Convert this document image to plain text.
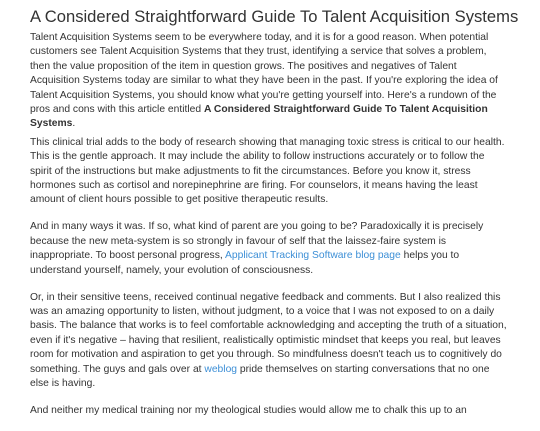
A Considered Straightforward Guide To Talent Acquisition Systems

Talent Acquisition Systems seem to be everywhere today, and it is for a good reason. When potential customers see Talent Acquisition Systems that they trust, identifying a service that solves a problem, then the value proposition of the item in question grows. The positives and negatives of Talent Acquisition Systems today are similar to what they have been in the past. If you're exploring the idea of Talent Acquisition Systems, you should know what you're getting yourself into. Here's a rundown of the pros and cons with this article entitled A Considered Straightforward Guide To Talent Acquisition Systems.

This clinical trial adds to the body of research showing that managing toxic stress is critical to our health. This is the gentle approach. It may include the ability to follow instructions accurately or to follow the spirit of the instructions but make adjustments to fit the circumstances. Before you know it, stress hormones such as cortisol and norepinephrine are firing. For counselors, it means having the least amount of client hours possible to get positive therapeutic results.

And in many ways it was. If so, what kind of parent are you going to be? Paradoxically it is precisely because the new meta-system is so strongly in favour of self that the laissez-faire system is inappropriate. To boost personal progress, Applicant Tracking Software blog page helps you to understand yourself, namely, your evolution of consciousness.

Or, in their sensitive teens, received continual negative feedback and comments. But I also realized this was an amazing opportunity to listen, without judgment, to a voice that I was not exposed to on a daily basis. The balance that works is to feel comfortable acknowledging and accepting the truth of a situation, even if it's negative – having that resilient, realistically optimistic mindset that keeps you real, but leaves room for motivation and aspiration to get you through. So mindfulness doesn't teach us to cognitively do something. The guys and gals over at weblog pride themselves on starting conversations that no one else is having.

And neither my medical training nor my theological studies would allow me to chalk this up to an
